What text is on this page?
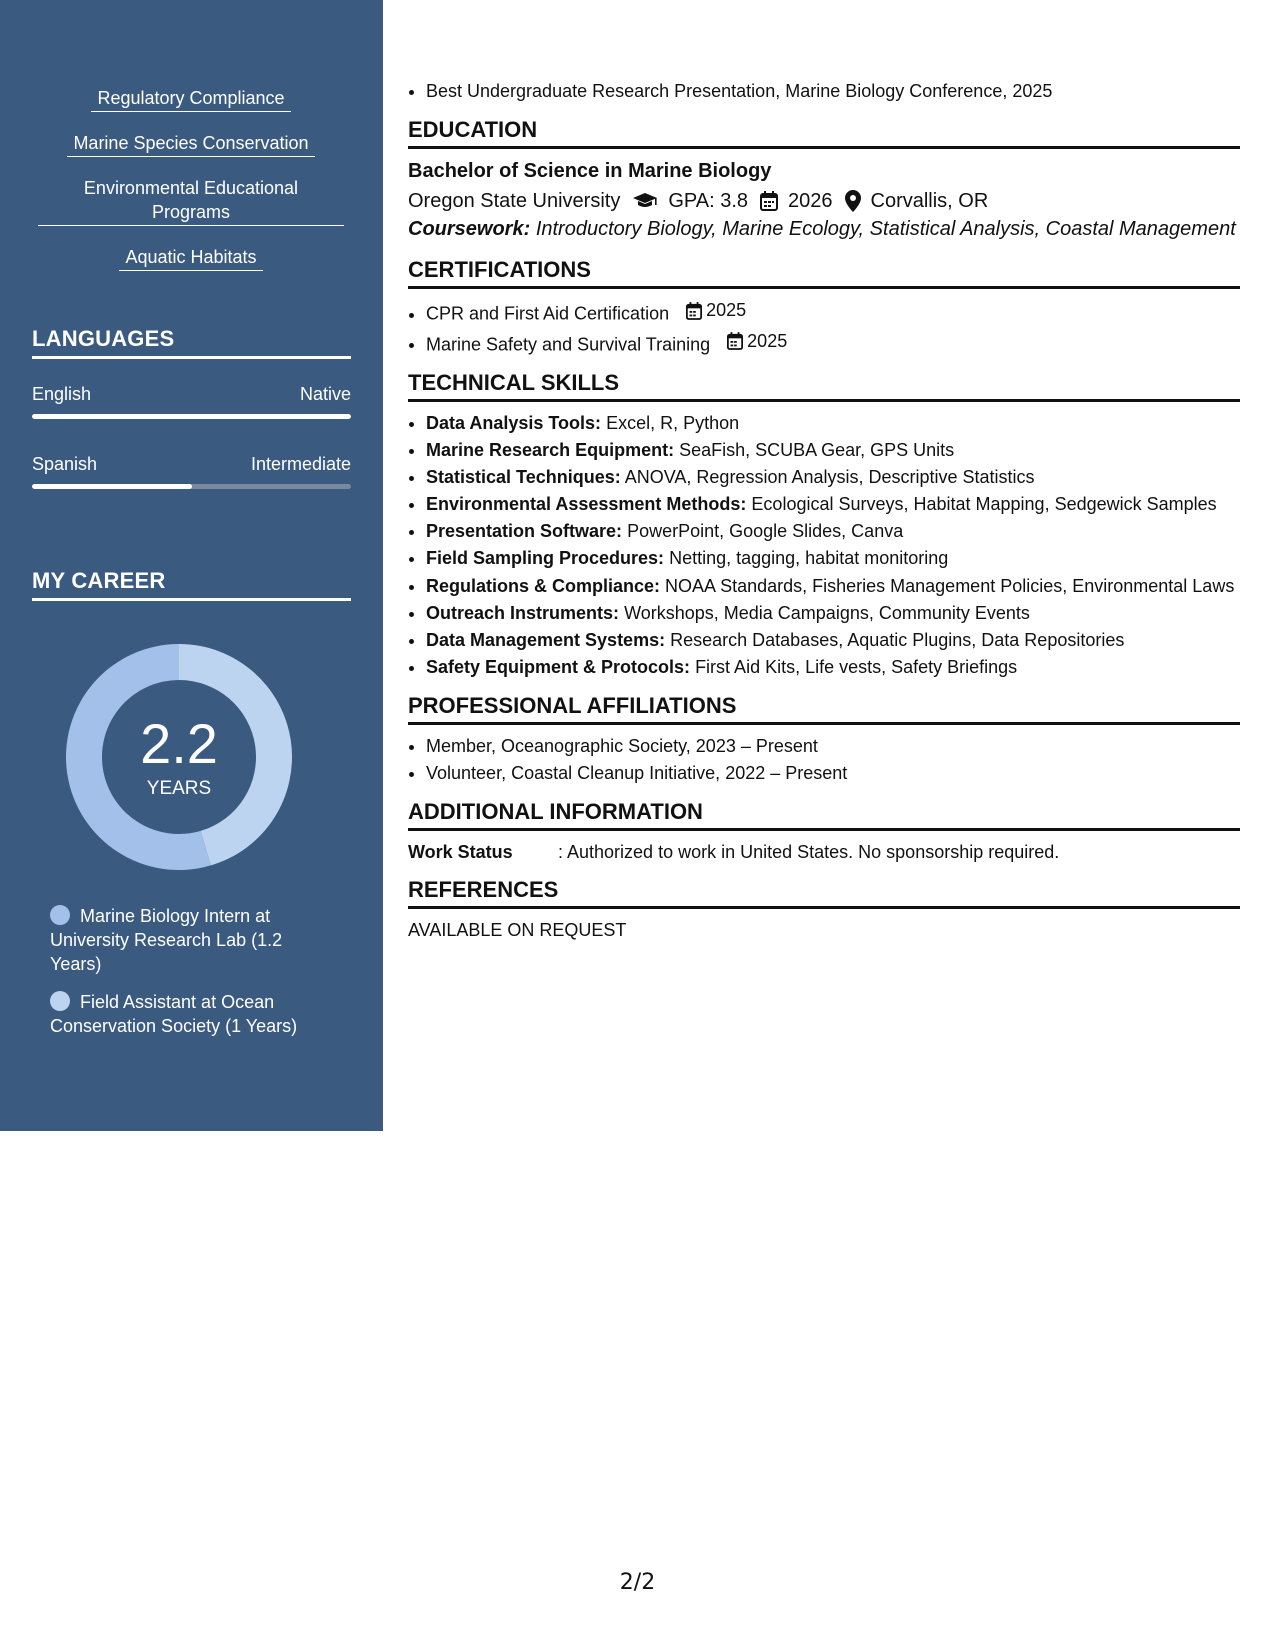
Regulatory Compliance
Marine Species Conservation

Environmental Educational Programs
Aquatic Habitats
LANGUAGES
English	Native
Spanish	Intermediate
MY CAREER
2.2
YEARS
Marine Biology Intern at University Research Lab (1.2 Years)
Field Assistant at Ocean Conservation Society (1 Years)
• Best Undergraduate Research Presentation, Marine Biology Conference, 2025
EDUCATION
Bachelor of Science in Marine Biology
Oregon State University GPA: 3.8 2026 Corvallis, OR
Coursework: Introductory Biology, Marine Ecology, Statistical Analysis, Coastal Management
CERTIFICATIONS
• CPR and First Aid Certification 2025
• Marine Safety and Survival Training 2025
TECHNICAL SKILLS
• Data Analysis Tools: Excel, R, Python
• Marine Research Equipment: SeaFish, SCUBA Gear, GPS Units
• Statistical Techniques: ANOVA, Regression Analysis, Descriptive Statistics
• Environmental Assessment Methods: Ecological Surveys, Habitat Mapping, Sedgewick Samples
• Presentation Software: PowerPoint, Google Slides, Canva
• Field Sampling Procedures: Netting, tagging, habitat monitoring
• Regulations & Compliance: NOAA Standards, Fisheries Management Policies, Environmental Laws
• Outreach Instruments: Workshops, Media Campaigns, Community Events
• Data Management Systems: Research Databases, Aquatic Plugins, Data Repositories
• Safety Equipment & Protocols: First Aid Kits, Life vests, Safety Briefings
PROFESSIONAL AFFILIATIONS
• Member, Oceanographic Society, 2023 – Present
• Volunteer, Coastal Cleanup Initiative, 2022 – Present
ADDITIONAL INFORMATION
Work Status	: Authorized to work in United States. No sponsorship required.
REFERENCES
AVAILABLE ON REQUEST
2/2
